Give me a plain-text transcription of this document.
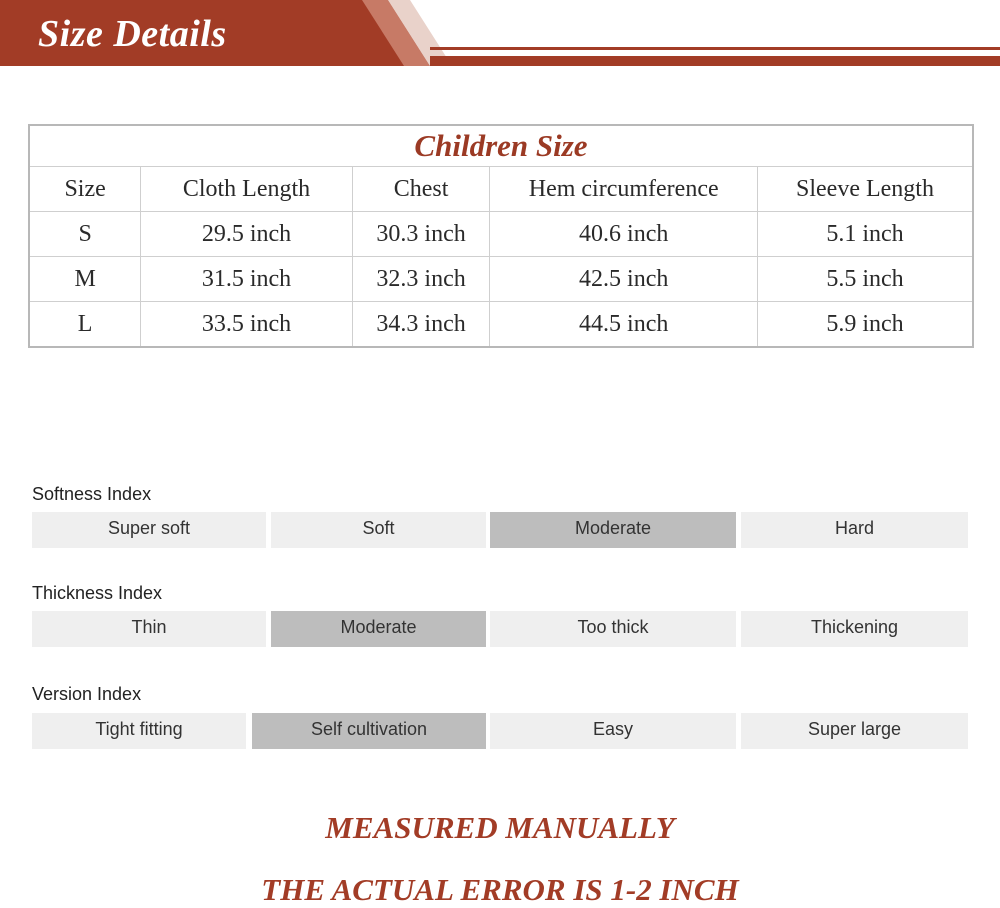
Size Details
Children Size				
Size	Cloth Length	Chest	Hem circumference	Sleeve Length
S	29.5 inch	30.3 inch	40.6 inch	5.1 inch
M	31.5 inch	32.3 inch	42.5 inch	5.5 inch
L	33.5 inch	34.3 inch	44.5 inch	5.9 inch

Softness Index

Super soft	Soft	Moderate	Hard

Thickness Index

Thin	Moderate	Too thick	Thickening

Version Index

Tight fitting	Self cultivation	Easy	Super large

MEASURED MANUALLY

THE ACTUAL ERROR IS 1-2 INCH
